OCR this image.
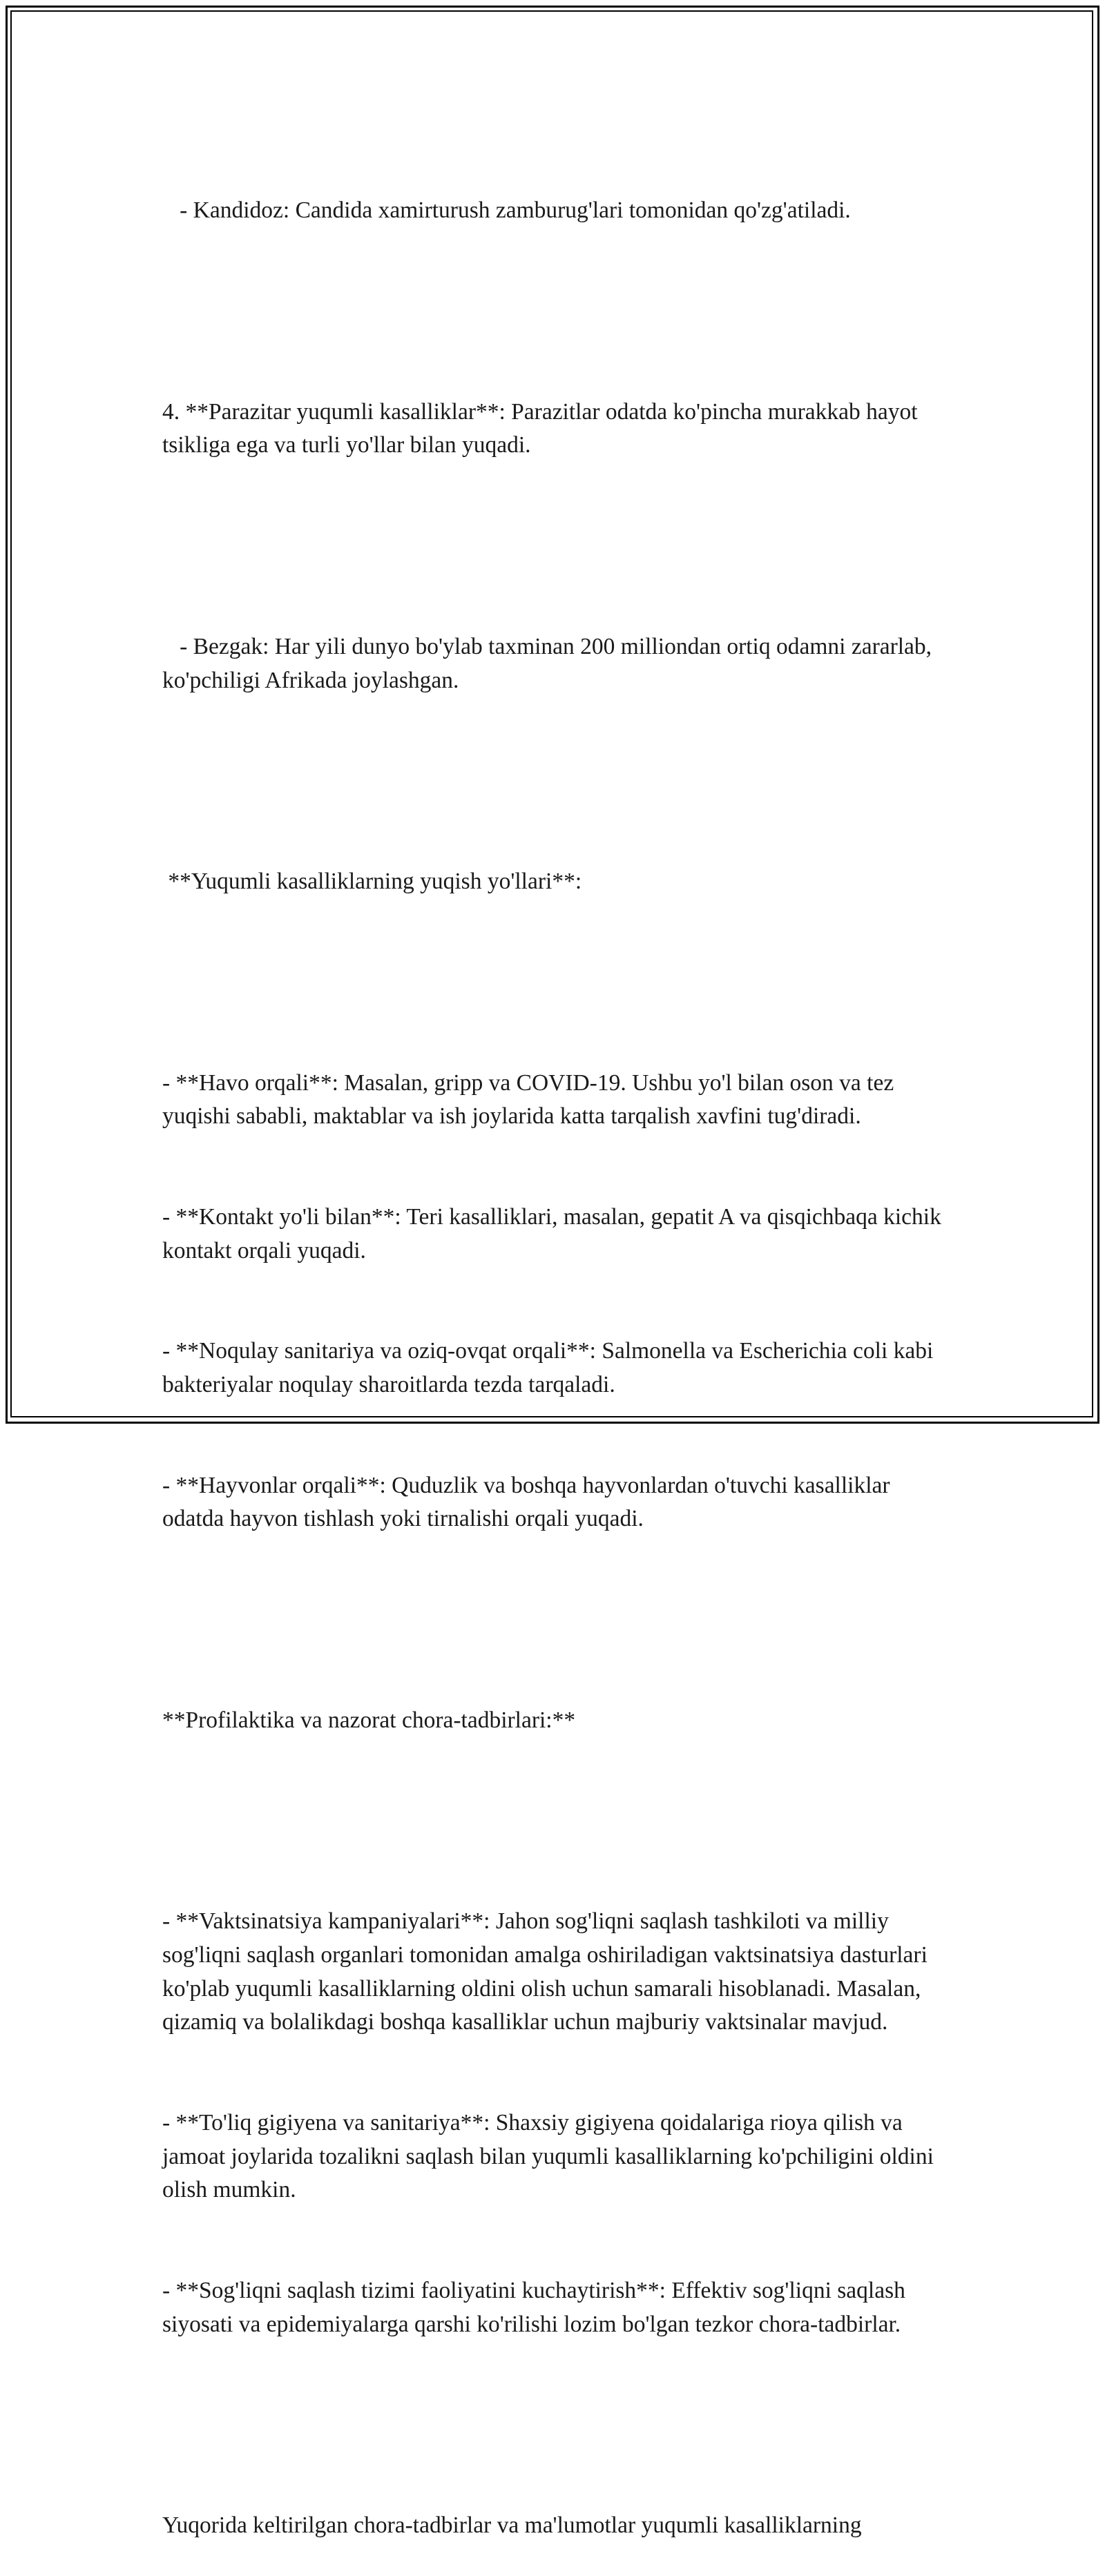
- Kandidoz: Candida xamirturush zamburug'lari tomonidan qo'zg'atiladi.

4. **Parazitar yuqumli kasalliklar**: Parazitlar odatda ko'pincha murakkab hayot tsikliga ega va turli yo'llar bilan yuqadi.

- Bezgak: Har yili dunyo bo'ylab taxminan 200 milliondan ortiq odamni zararlab, ko'pchiligi Afrikada joylashgan.

**Yuqumli kasalliklarning yuqish yo'llari**:

- **Havo orqali**: Masalan, gripp va COVID-19. Ushbu yo'l bilan oson va tez yuqishi sababli, maktablar va ish joylarida katta tarqalish xavfini tug'diradi.

- **Kontakt yo'li bilan**: Teri kasalliklari, masalan, gepatit A va qisqichbaqa kichik kontakt orqali yuqadi.

- **Noqulay sanitariya va oziq-ovqat orqali**: Salmonella va Escherichia coli kabi bakteriyalar noqulay sharoitlarda tezda tarqaladi.

- **Hayvonlar orqali**: Quduzlik va boshqa hayvonlardan o'tuvchi kasalliklar odatda hayvon tishlash yoki tirnalishi orqali yuqadi.

**Profilaktika va nazorat chora-tadbirlari:**

- **Vaktsinatsiya kampaniyalari**: Jahon sog'liqni saqlash tashkiloti va milliy sog'liqni saqlash organlari tomonidan amalga oshiriladigan vaktsinatsiya dasturlari ko'plab yuqumli kasalliklarning oldini olish uchun samarali hisoblanadi. Masalan, qizamiq va bolalikdagi boshqa kasalliklar uchun majburiy vaktsinalar mavjud.

- **To'liq gigiyena va sanitariya**: Shaxsiy gigiyena qoidalariga rioya qilish va jamoat joylarida tozalikni saqlash bilan yuqumli kasalliklarning ko'pchiligini oldini olish mumkin.

- **Sog'liqni saqlash tizimi faoliyatini kuchaytirish**: Effektiv sog'liqni saqlash siyosati va epidemiyalarga qarshi ko'rilishi lozim bo'lgan tezkor chora-tadbirlar.

Yuqorida keltirilgan chora-tadbirlar va ma'lumotlar yuqumli kasalliklarning
